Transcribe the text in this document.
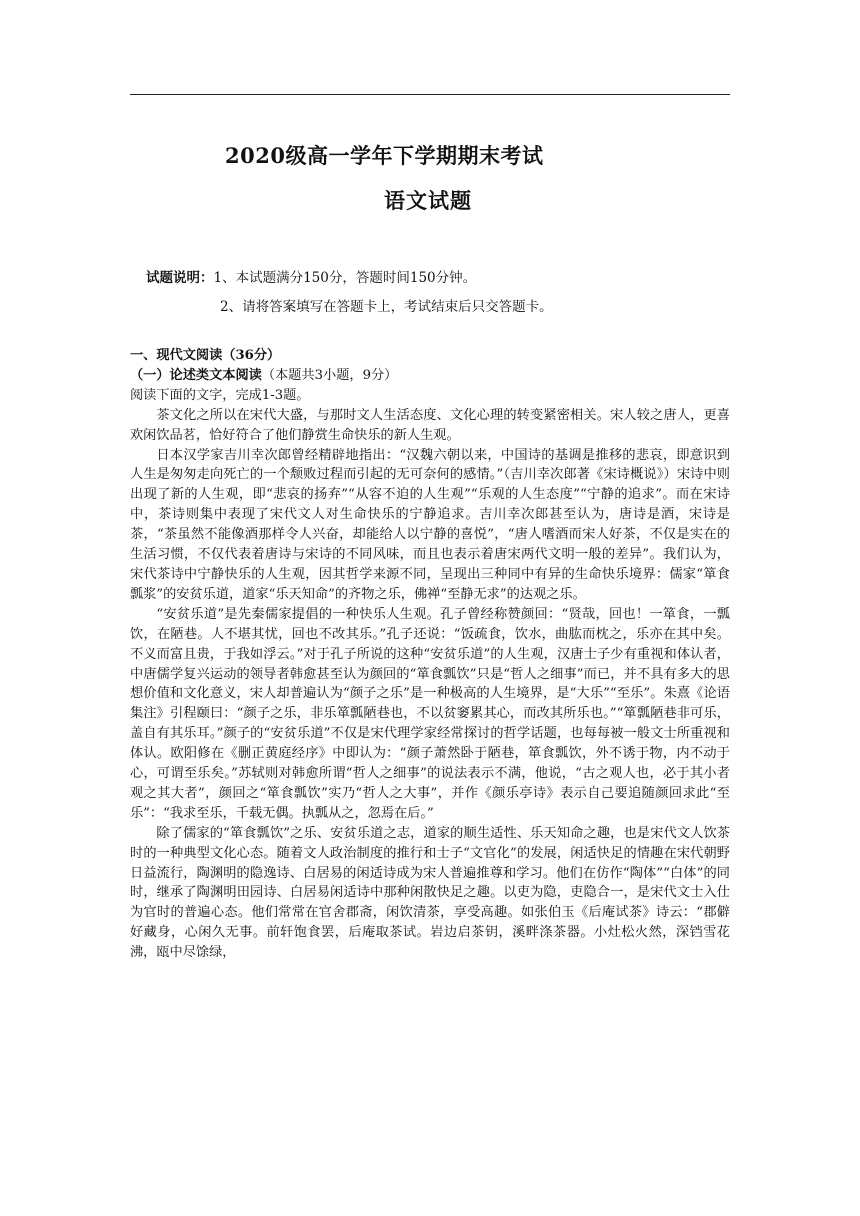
2020级高一学年下学期期末考试
语文试题
试题说明：1、本试题满分150分，答题时间150分钟。
2、请将答案填写在答题卡上，考试结束后只交答题卡。

一、现代文阅读（36分）

（一）论述类文本阅读（本题共3小题，9分）

阅读下面的文字，完成1-3题。

茶文化之所以在宋代大盛，与那时文人生活态度、文化心理的转变紧密相关。宋人较之唐人，更喜欢闲饮品茗，恰好符合了他们静赏生命快乐的新人生观。

日本汉学家吉川幸次郎曾经精辟地指出：“汉魏六朝以来，中国诗的基调是推移的悲哀，即意识到人生是匆匆走向死亡的一个颓败过程而引起的无可奈何的感情。”（吉川幸次郎著《宋诗概说》）宋诗中则出现了新的人生观，即“悲哀的扬弃”“从容不迫的人生观”“乐观的人生态度”“宁静的追求”。而在宋诗中，茶诗则集中表现了宋代文人对生命快乐的宁静追求。吉川幸次郎甚至认为，唐诗是酒，宋诗是茶，“茶虽然不能像酒那样令人兴奋，却能给人以宁静的喜悦”，“唐人嗜酒而宋人好茶，不仅是实在的生活习惯，不仅代表着唐诗与宋诗的不同风味，而且也表示着唐宋两代文明一般的差异”。我们认为，宋代茶诗中宁静快乐的人生观，因其哲学来源不同，呈现出三种同中有异的生命快乐境界：儒家“箪食瓢浆”的安贫乐道，道家“乐天知命”的齐物之乐，佛禅“至静无求”的达观之乐。

“安贫乐道”是先秦儒家提倡的一种快乐人生观。孔子曾经称赞颜回：“贤哉，回也！一箪食，一瓢饮，在陋巷。人不堪其忧，回也不改其乐。”孔子还说：“饭疏食，饮水，曲肱而枕之，乐亦在其中矣。不义而富且贵，于我如浮云。”对于孔子所说的这种“安贫乐道”的人生观，汉唐士子少有重视和体认者，中唐儒学复兴运动的领导者韩愈甚至认为颜回的“箪食瓢饮”只是“哲人之细事”而已，并不具有多大的思想价值和文化意义，宋人却普遍认为“颜子之乐”是一种极高的人生境界，是“大乐”“至乐”。朱熹《论语集注》引程颐曰：“颜子之乐，非乐箪瓢陋巷也，不以贫窭累其心，而改其所乐也。”“箪瓢陋巷非可乐，盖自有其乐耳。”颜子的“安贫乐道”不仅是宋代理学家经常探讨的哲学话题，也每每被一般文士所重视和体认。欧阳修在《删正黄庭经序》中即认为：“颜子萧然卧于陋巷，箪食瓢饮，外不诱于物，内不动于心，可谓至乐矣。”苏轼则对韩愈所谓“哲人之细事”的说法表示不满，他说，“古之观人也，必于其小者观之其大者”，颜回之“箪食瓢饮”实乃“哲人之大事”，并作《颜乐亭诗》表示自己要追随颜回求此“至乐”：“我求至乐，千载无偶。执瓢从之，忽焉在后。”

除了儒家的“箪食瓢饮”之乐、安贫乐道之志，道家的顺生适性、乐天知命之趣，也是宋代文人饮茶时的一种典型文化心态。随着文人政治制度的推行和士子“文官化”的发展，闲适快足的情趣在宋代朝野日益流行，陶渊明的隐逸诗、白居易的闲适诗成为宋人普遍推尊和学习。他们在仿作“陶体”“白体”的同时，继承了陶渊明田园诗、白居易闲适诗中那种闲散快足之趣。以吏为隐，吏隐合一，是宋代文士入仕为官时的普遍心态。他们常常在官舍郡斋，闲饮清茶，享受高趣。如张伯玉《后庵试茶》诗云：“郡僻好藏身，心闲久无事。前轩饱食罢，后庵取茶试。岩边启茶钥，溪畔涤茶器。小灶松火然，深铛雪花沸，瓯中尽馀绿，
